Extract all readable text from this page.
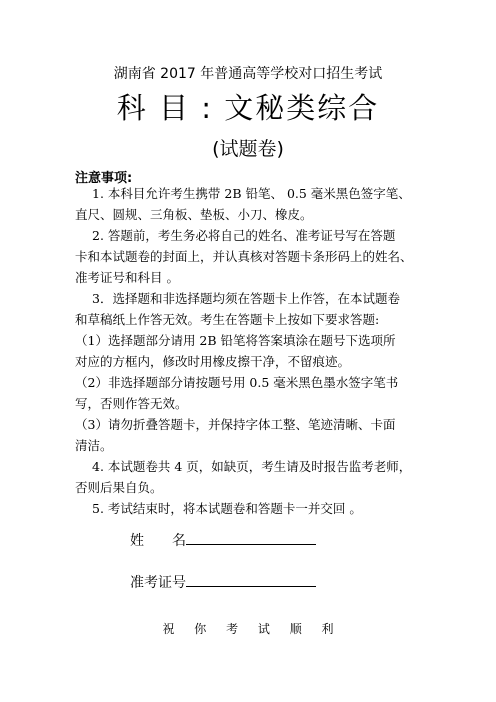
湖南省 2017 年普通高等学校对口招生考试
科 目 : 文秘类综合
(试题卷)
注意事项:
1. 本科目允许考生携带 2B 铅笔、 0.5 毫米黑色签字笔、
直尺、圆规、三角板、垫板、小刀、橡皮。
2. 答题前，考生务必将自己的姓名、准考证号写在答题
卡和本试题卷的封面上，并认真核对答题卡条形码上的姓名、
准考证号和科目 。
3．选择题和非选择题均须在答题卡上作答，在本试题卷
和草稿纸上作答无效。考生在答题卡上按如下要求答题:
（1）选择题部分请用 2B 铅笔将答案填涂在题号下选项所
对应的方框内，修改时用橡皮擦干净，不留痕迹。
（2）非选择题部分请按题号用 0.5 毫米黑色墨水签字笔书
写，否则作答无效。
（3）请勿折叠答题卡，并保持字体工整、笔迹清晰、卡面
清洁。
4. 本试题卷共 4 页，如缺页，考生请及时报告监考老师，
否则后果自负。
5. 考试结束时，将本试题卷和答题卡一并交回 。
姓　　名
准考证号
祝 你 考 试 顺 利
